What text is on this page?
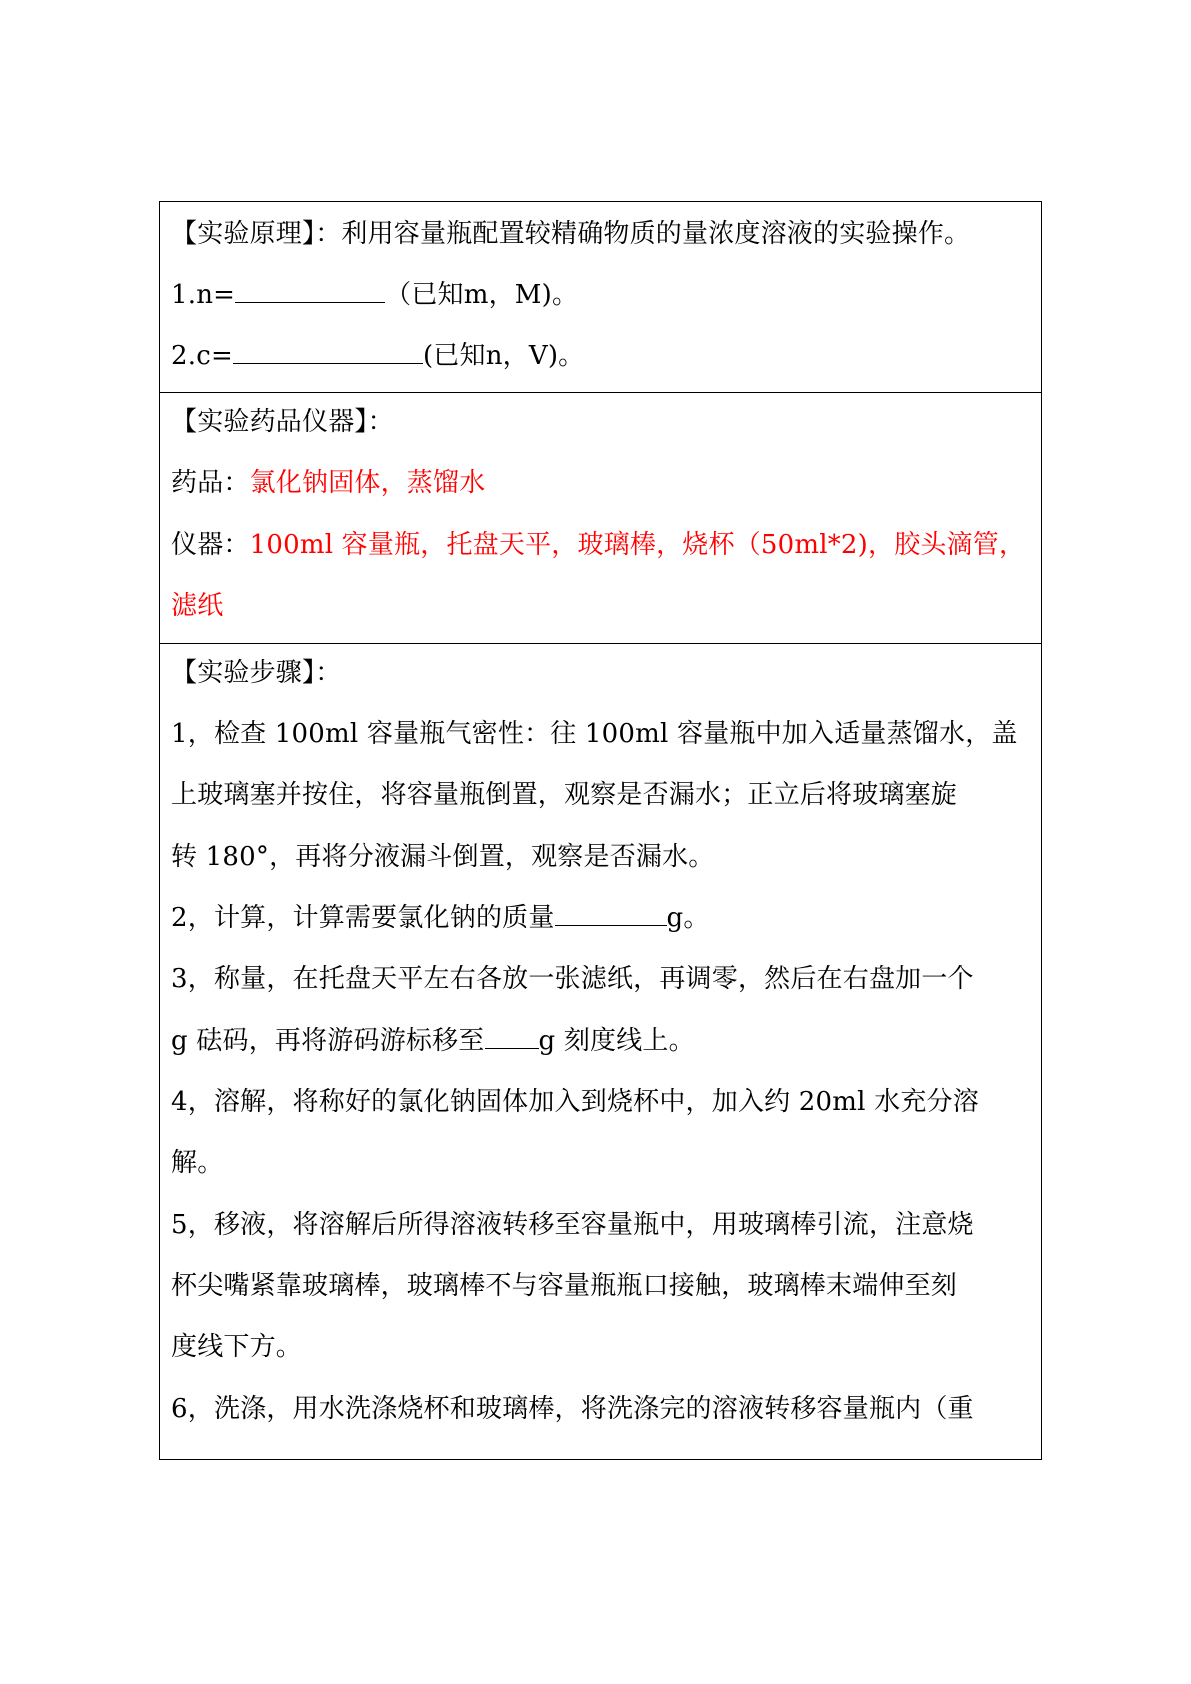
【实验原理】：利用容量瓶配置较精确物质的量浓度溶液的实验操作。
1.n=	（已知m，M)。
2.c=	(已知n，V)。
【实验药品仪器】：
药品：氯化钠固体，蒸馏水
仪器：100ml 容量瓶，托盘天平，玻璃棒，烧杯（50ml*2)，胶头滴管，
滤纸
【实验步骤】：
1，检查 100ml 容量瓶气密性：往 100ml 容量瓶中加入适量蒸馏水，盖
上玻璃塞并按住，将容量瓶倒置，观察是否漏水；正立后将玻璃塞旋
转 180°，再将分液漏斗倒置，观察是否漏水。
2，计算，计算需要氯化钠的质量	g。
3，称量，在托盘天平左右各放一张滤纸，再调零，然后在右盘加一个
g 砝码，再将游码游标移至 g 刻度线上。
4，溶解，将称好的氯化钠固体加入到烧杯中，加入约 20ml 水充分溶
解。
5，移液，将溶解后所得溶液转移至容量瓶中，用玻璃棒引流，注意烧
杯尖嘴紧靠玻璃棒，玻璃棒不与容量瓶瓶口接触，玻璃棒末端伸至刻
度线下方。
6，洗涤，用水洗涤烧杯和玻璃棒，将洗涤完的溶液转移容量瓶内（重
